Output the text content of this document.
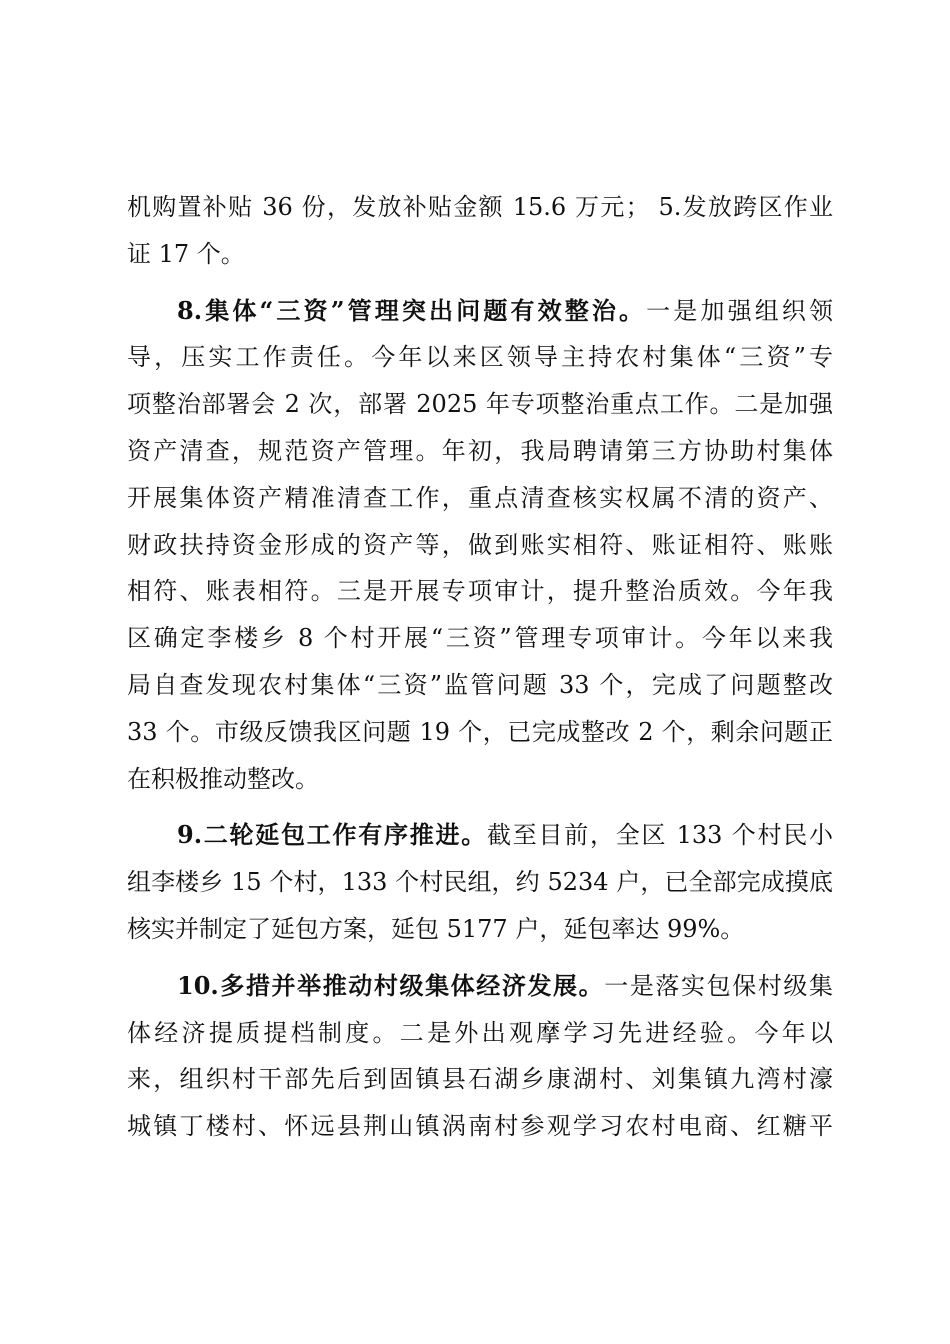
机购置补贴 36 份，发放补贴金额 15.6 万元； 5.发放跨区作业
证 17 个。
8.集体“三资”管理突出问题有效整治。一是加强组织领
导，压实工作责任。今年以来区领导主持农村集体“三资”专
项整治部署会 2 次，部署 2025 年专项整治重点工作。二是加强
资产清查，规范资产管理。年初，我局聘请第三方协助村集体
开展集体资产精准清查工作，重点清查核实权属不清的资产、
财政扶持资金形成的资产等，做到账实相符、账证相符、账账
相符、账表相符。三是开展专项审计，提升整治质效。今年我
区确定李楼乡 8 个村开展“三资”管理专项审计。今年以来我
局自查发现农村集体“三资”监管问题 33 个，完成了问题整改
33 个。市级反馈我区问题 19 个，已完成整改 2 个，剩余问题正
在积极推动整改。
9.二轮延包工作有序推进。截至目前，全区 133 个村民小
组李楼乡 15 个村，133 个村民组，约 5234 户，已全部完成摸底
核实并制定了延包方案，延包 5177 户，延包率达 99%。
10.多措并举推动村级集体经济发展。一是落实包保村级集
体经济提质提档制度。二是外出观摩学习先进经验。今年以
来，组织村干部先后到固镇县石湖乡康湖村、刘集镇九湾村濠
城镇丁楼村、怀远县荆山镇涡南村参观学习农村电商、红糖平
